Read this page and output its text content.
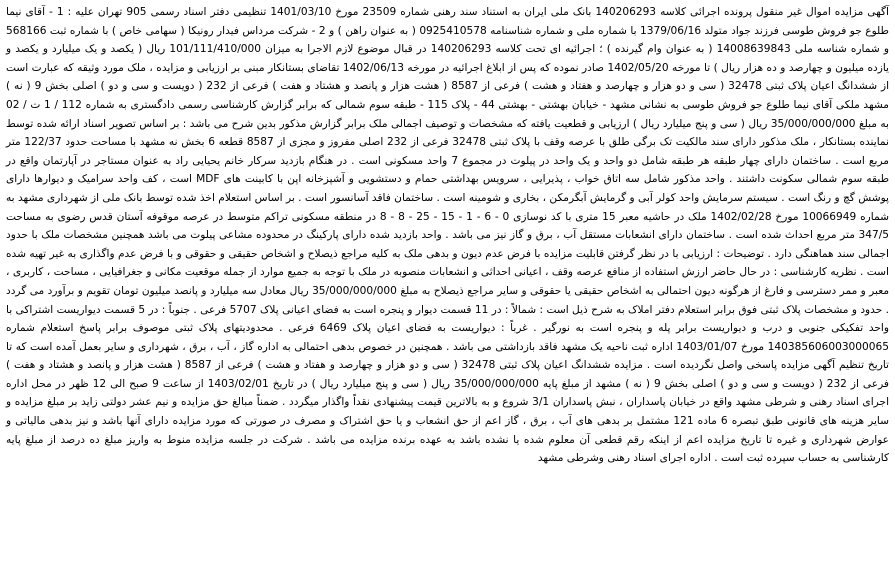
آگهی مزایده اموال غیر منقول پرونده اجرائی کلاسه 140206293 بانک ملی ایران به استناد سند رهنی شماره 23509 مورخ 1401/03/10 تنظیمی دفتر اسناد رسمی 905 تهران علیه : 1 - آقای نیما طلوع جو فروش طوسی فرزند جواد متولد 1379/06/16 با شماره ملی و شماره شناسنامه 0925410578 ( به عنوان راهن ) و 2 - شرکت مرداس فیدار رونیکا ( سهامی خاص ) با شماره ثبت 568166 و شماره شناسه ملی 14008639843 ( به عنوان وام گیرنده ) ؛ اجرائیه ای تحت کلاسه 140206293 در قبال موضوع لازم الاجرا به میزان 101/111/410/000 ریال ( یکصد و یک میلیارد و یکصد و یازده میلیون و چهارصد و ده هزار ریال ) تا مورخه 1402/05/20 صادر نموده که پس از ابلاغ اجرائیه در مورخه 1402/06/13 تقاضای بستانکار مبنی بر ارزیابی و مزایده ، ملک مورد وثیقه که عبارت است از ششدانگ اعیان پلاک ثبتی 32478 ( سی و دو هزار و چهارصد و هفتاد و هشت ) فرعی از 8587 ( هشت هزار و پانصد و هشتاد و هفت ) فرعی از 232 ( دویست و سی و دو ) اصلی بخش 9 ( نه ) مشهد ملکی آقای نیما طلوع جو فروش طوسی به نشانی مشهد - خیابان بهشتی - بهشتی 44 - پلاک 115 - طبقه سوم شمالی که برابر گزارش کارشناسی رسمی دادگستری به شماره 112 / 1 ت / 02 به مبلغ 35/000/000/000 ریال ( سی و پنج میلیارد ریال ) ارزیابی و قطعیت یافته که مشخصات و توصیف اجمالی ملک برابر گزارش مذکور بدین شرح می باشد : بر اساس تصویر اسناد ارائه شده توسط نماینده بستانکار ، ملک مذکور دارای سند مالکیت تک برگی طلق با عرصه وقف با پلاک ثبتی 32478 فرعی از 232 اصلی مفروز و مجزی از 8587 قطعه 6 بخش نه مشهد با مساحت حدود 122/37 متر مربع است . ساختمان دارای چهار طبقه هر طبقه شامل دو واحد و یک واحد در پیلوت در مجموع 7 واحد مسکونی است . در هنگام بازدید سرکار خانم یحیایی راد به عنوان مستاجر در آپارتمان واقع در طبقه سوم شمالی سکونت داشتند . واحد مذکور شامل سه اتاق خواب ، پذیرایی ، سرویس بهداشتی حمام و دستشویی و آشپزخانه اپن با کابینت های MDF است ، کف واحد سرامیک و دیوارها دارای پوشش گچ و رنگ است . سیستم سرمایش واحد کولر آبی و گرمایش آبگرمکن ، بخاری و شومینه است . ساختمان فاقد آسانسور است . بر اساس استعلام اخذ شده توسط بانک ملی از شهرداری مشهد به شماره 10066949 مورخ 1402/02/28 ملک در حاشیه معبر 15 متری با کد نوسازی 0 - 6 - 1 - 15 - 25 - 8 - 8 در منطقه مسکونی تراکم متوسط در عرصه موقوفه آستان قدس رضوی به مساحت 347/5 متر مربع احداث شده است . ساختمان دارای انشعابات مستقل آب ، برق و گاز نیز می باشد . واحد بازدید شده دارای پارکینگ در محدوده مشاعی پیلوت می باشد همچنین مشخصات ملک با حدود اجمالی سند هماهنگی دارد . توضیحات : ارزیابی با در نظر گرفتن قابلیت مزایده با فرض عدم دیون و بدهی ملک به کلیه مراجع ذیصلاح و اشخاص حقیقی و حقوقی و با فرض عدم واگذاری به غیر تهیه شده است . نظریه کارشناسی : در حال حاضر ارزش استفاده از منافع عرصه وقف ، اعیانی احداثی و انشعابات منصوبه در ملک با توجه به جمیع موارد از جمله موقعیت مکانی و جغرافیایی ، مساحت ، کاربری ، معبر و ممر دسترسی و فارغ از هرگونه دیون احتمالی به اشخاص حقیقی یا حقوقی و سایر مراجع ذیصلاح به مبلغ 35/000/000/000 ریال معادل سه میلیارد و پانصد میلیون تومان تقویم و برآورد می گردد . حدود و مشخصات پلاک ثبتی فوق برابر استعلام دفتر املاک به شرح ذیل است : شمالاً : در 11 قسمت دیوار و پنجره است به فضای اعیانی پلاک 5707 فرعی . جنوباً : در 5 قسمت دیواریست اشتراکی با واحد تفکیکی جنوبی و درب و دیواریست برابر پله و پنجره است به نورگیر . غرباً : دیواریست به فضای اعیان پلاک 6469 فرعی . محدودیتهای پلاک ثبتی موصوف برابر پاسخ استعلام شماره 140385606003000065 مورخ 1403/01/07 اداره ثبت ناحیه یک مشهد فاقد بازداشتی می باشد . همچنین در خصوص بدهی احتمالی به اداره گاز ، آب ، برق ، شهرداری و سایر بعمل آمده است که تا تاریخ تنظیم آگهی مزایده پاسخی واصل نگردیده است . مزایده ششدانگ اعیان پلاک ثبتی 32478 ( سی و دو هزار و چهارصد و هفتاد و هشت ) فرعی از 8587 ( هشت هزار و پانصد و هشتاد و هفت ) فرعی از 232 ( دویست و سی و دو ) اصلی بخش 9 ( نه ) مشهد از مبلغ پایه 35/000/000/000 ریال ( سی و پنج میلیارد ریال ) در تاریخ 1403/02/01 از ساعت 9 صبح الی 12 ظهر در محل اداره اجرای اسناد رهنی و شرطی مشهد واقع در خیابان پاسداران ، نبش پاسداران 3/1 شروع و به بالاترین قیمت پیشنهادی نقداً واگذار میگردد . ضمناً مبالغ حق مزایده و نیم عشر دولتی زاید بر مبلغ مزایده و سایر هزینه های قانونی طبق تبصره 6 ماده 121 مشتمل بر بدهی های آب ، برق ، گاز اعم از حق انشعاب و یا حق اشتراک و مصرف در صورتی که مورد مزایده دارای آنها باشد و نیز بدهی مالیاتی و عوارض شهرداری و غیره تا تاریخ مزایده اعم از اینکه رقم قطعی آن معلوم شده یا نشده باشد به عهده برنده مزایده می باشد . شرکت در جلسه مزایده منوط به واریز مبلغ ده درصد از مبلغ پایه کارشناسی به حساب سپرده ثبت است . اداره اجرای اسناد رهنی وشرطی مشهد
